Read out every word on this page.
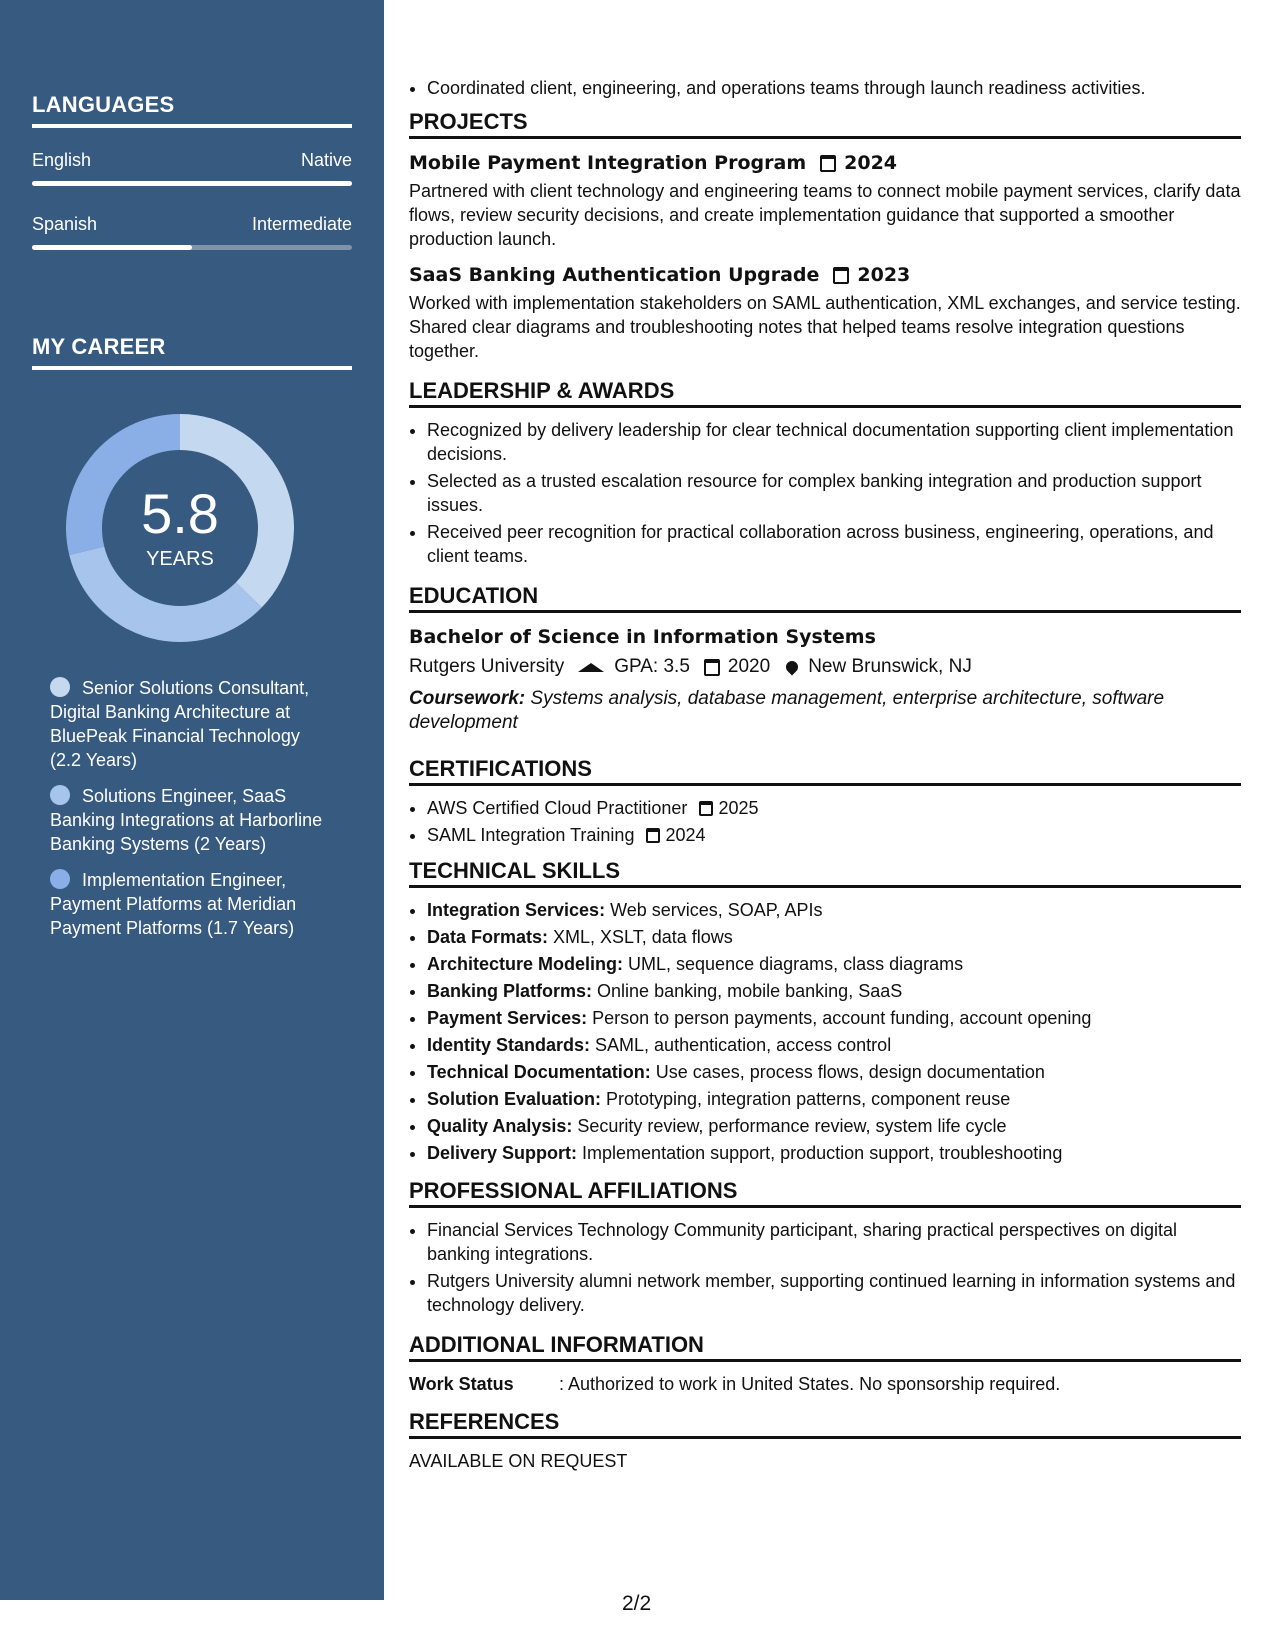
LANGUAGES
English	Native
Spanish	Intermediate
MY CAREER
5.8
YEARS
Senior Solutions Consultant, Digital Banking Architecture at BluePeak Financial Technology (2.2 Years)
Solutions Engineer, SaaS Banking Integrations at Harborline Banking Systems (2 Years)
Implementation Engineer, Payment Platforms at Meridian Payment Platforms (1.7 Years)
• Coordinated client, engineering, and operations teams through launch readiness activities.
PROJECTS
Mobile Payment Integration Program 2024
Partnered with client technology and engineering teams to connect mobile payment services, clarify data flows, review security decisions, and create implementation guidance that supported a smoother production launch.
SaaS Banking Authentication Upgrade 2023
Worked with implementation stakeholders on SAML authentication, XML exchanges, and service testing. Shared clear diagrams and troubleshooting notes that helped teams resolve integration questions together.
LEADERSHIP & AWARDS
• Recognized by delivery leadership for clear technical documentation supporting client implementation decisions.
• Selected as a trusted escalation resource for complex banking integration and production support issues.
• Received peer recognition for practical collaboration across business, engineering, operations, and client teams.
EDUCATION
Bachelor of Science in Information Systems
Rutgers University	GPA: 3.5 2020 New Brunswick, NJ
Coursework: Systems analysis, database management, enterprise architecture, software development
CERTIFICATIONS
• AWS Certified Cloud Practitioner 2025
• SAML Integration Training 2024
TECHNICAL SKILLS
• Integration Services: Web services, SOAP, APIs
• Data Formats: XML, XSLT, data flows
• Architecture Modeling: UML, sequence diagrams, class diagrams
• Banking Platforms: Online banking, mobile banking, SaaS
• Payment Services: Person to person payments, account funding, account opening
• Identity Standards: SAML, authentication, access control
• Technical Documentation: Use cases, process flows, design documentation
• Solution Evaluation: Prototyping, integration patterns, component reuse
• Quality Analysis: Security review, performance review, system life cycle
• Delivery Support: Implementation support, production support, troubleshooting
PROFESSIONAL AFFILIATIONS
• Financial Services Technology Community participant, sharing practical perspectives on digital banking integrations.
• Rutgers University alumni network member, supporting continued learning in information systems and technology delivery.
ADDITIONAL INFORMATION
Work Status	: Authorized to work in United States. No sponsorship required.
REFERENCES
AVAILABLE ON REQUEST
2/2
